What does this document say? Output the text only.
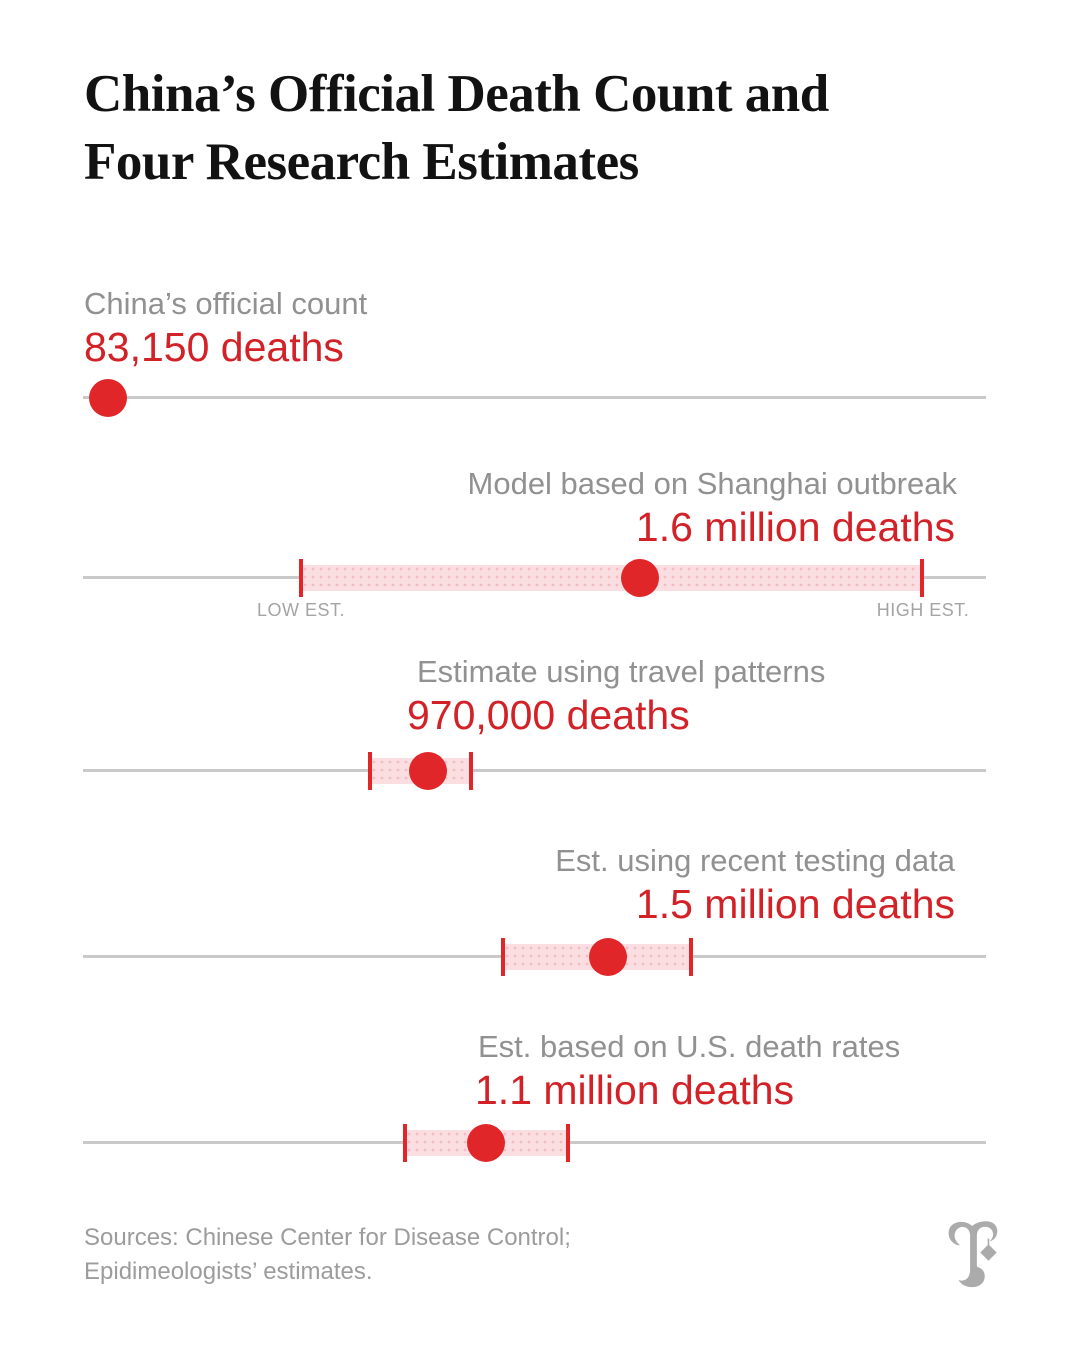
China’s Official Death Count and
Four Research Estimates
China’s official count
83,150 deaths
Model based on Shanghai outbreak
1.6 million deaths
LOW EST.	HIGH EST.
Estimate using travel patterns
970,000 deaths
Est. using recent testing data
1.5 million deaths
Est. based on U.S. death rates
1.1 million deaths
Sources: Chinese Center for Disease Control;
Epidimeologists’ estimates.
